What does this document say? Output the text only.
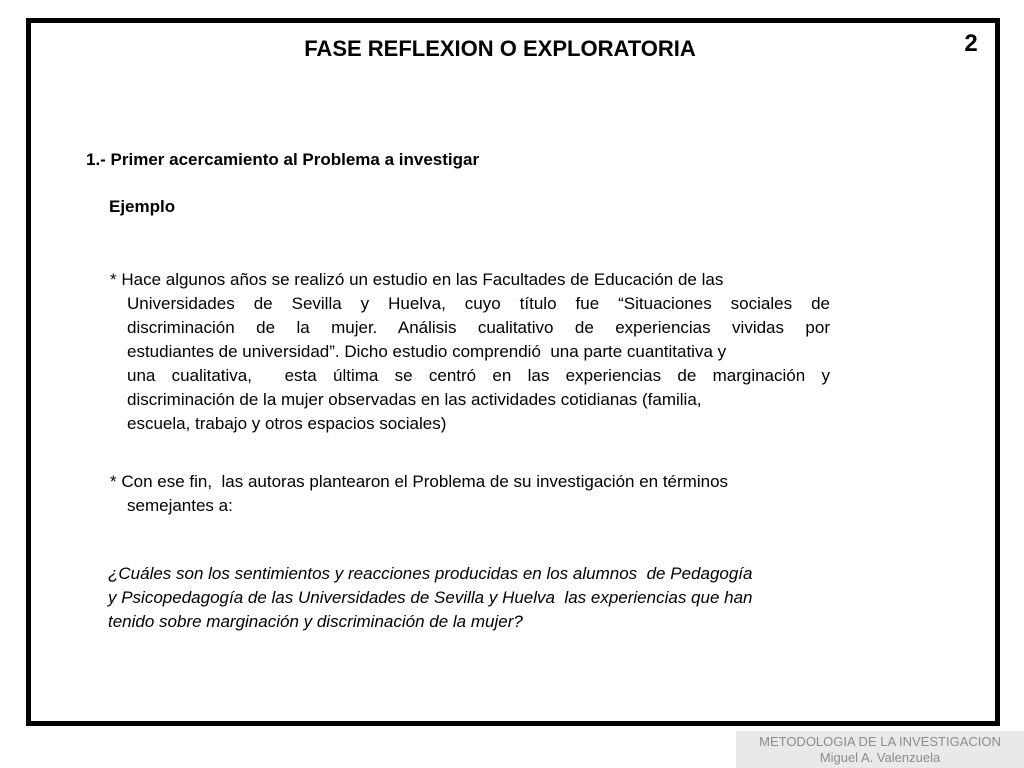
2
FASE REFLEXION O EXPLORATORIA
1.- Primer acercamiento al Problema a investigar
Ejemplo
* Hace algunos años se realizó un estudio en las Facultades de Educación de las
Universidades de Sevilla y Huelva, cuyo título fue “Situaciones sociales de
discriminación de la mujer. Análisis cualitativo de experiencias vividas por
estudiantes de universidad”. Dicho estudio comprendió  una parte cuantitativa y
una cualitativa,  esta última se centró en las experiencias de marginación y
discriminación de la mujer observadas en las actividades cotidianas (familia,
escuela, trabajo y otros espacios sociales)
* Con ese fin,  las autoras plantearon el Problema de su investigación en términos
semejantes a:
¿Cuáles son los sentimientos y reacciones producidas en los alumnos  de Pedagogía
y Psicopedagogía de las Universidades de Sevilla y Huelva  las experiencias que han
tenido sobre marginación y discriminación de la mujer?
METODOLOGIA DE LA INVESTIGACION
Miguel A. Valenzuela
